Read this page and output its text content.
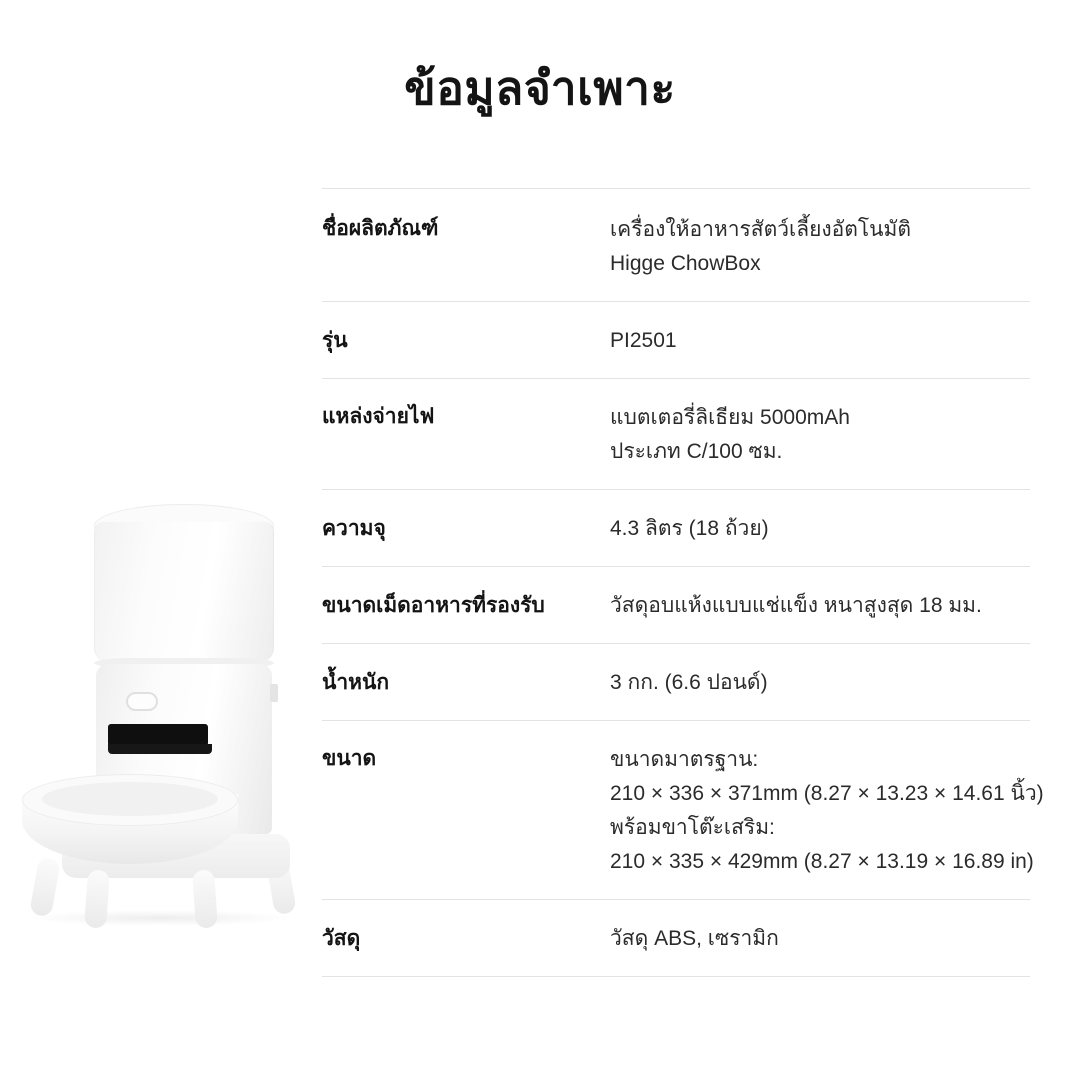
ข้อมูลจำเพาะ
ชื่อผลิตภัณฑ์	เครื่องให้อาหารสัตว์เลี้ยงอัตโนมัติ
Higge ChowBox
รุ่น	PI2501
แหล่งจ่ายไฟ	แบตเตอรี่ลิเธียม 5000mAh
ประเภท C/100 ซม.
ความจุ	4.3 ลิตร (18 ถ้วย)
ขนาดเม็ดอาหารที่รองรับ	วัสดุอบแห้งแบบแช่แข็ง หนาสูงสุด 18 มม.
น้ำหนัก	3 กก. (6.6 ปอนด์)
ขนาด	ขนาดมาตรฐาน:
210 × 336 × 371mm (8.27 × 13.23 × 14.61 นิ้ว)
พร้อมขาโต๊ะเสริม:
210 × 335 × 429mm (8.27 × 13.19 × 16.89 in)
วัสดุ	วัสดุ ABS, เซรามิก
